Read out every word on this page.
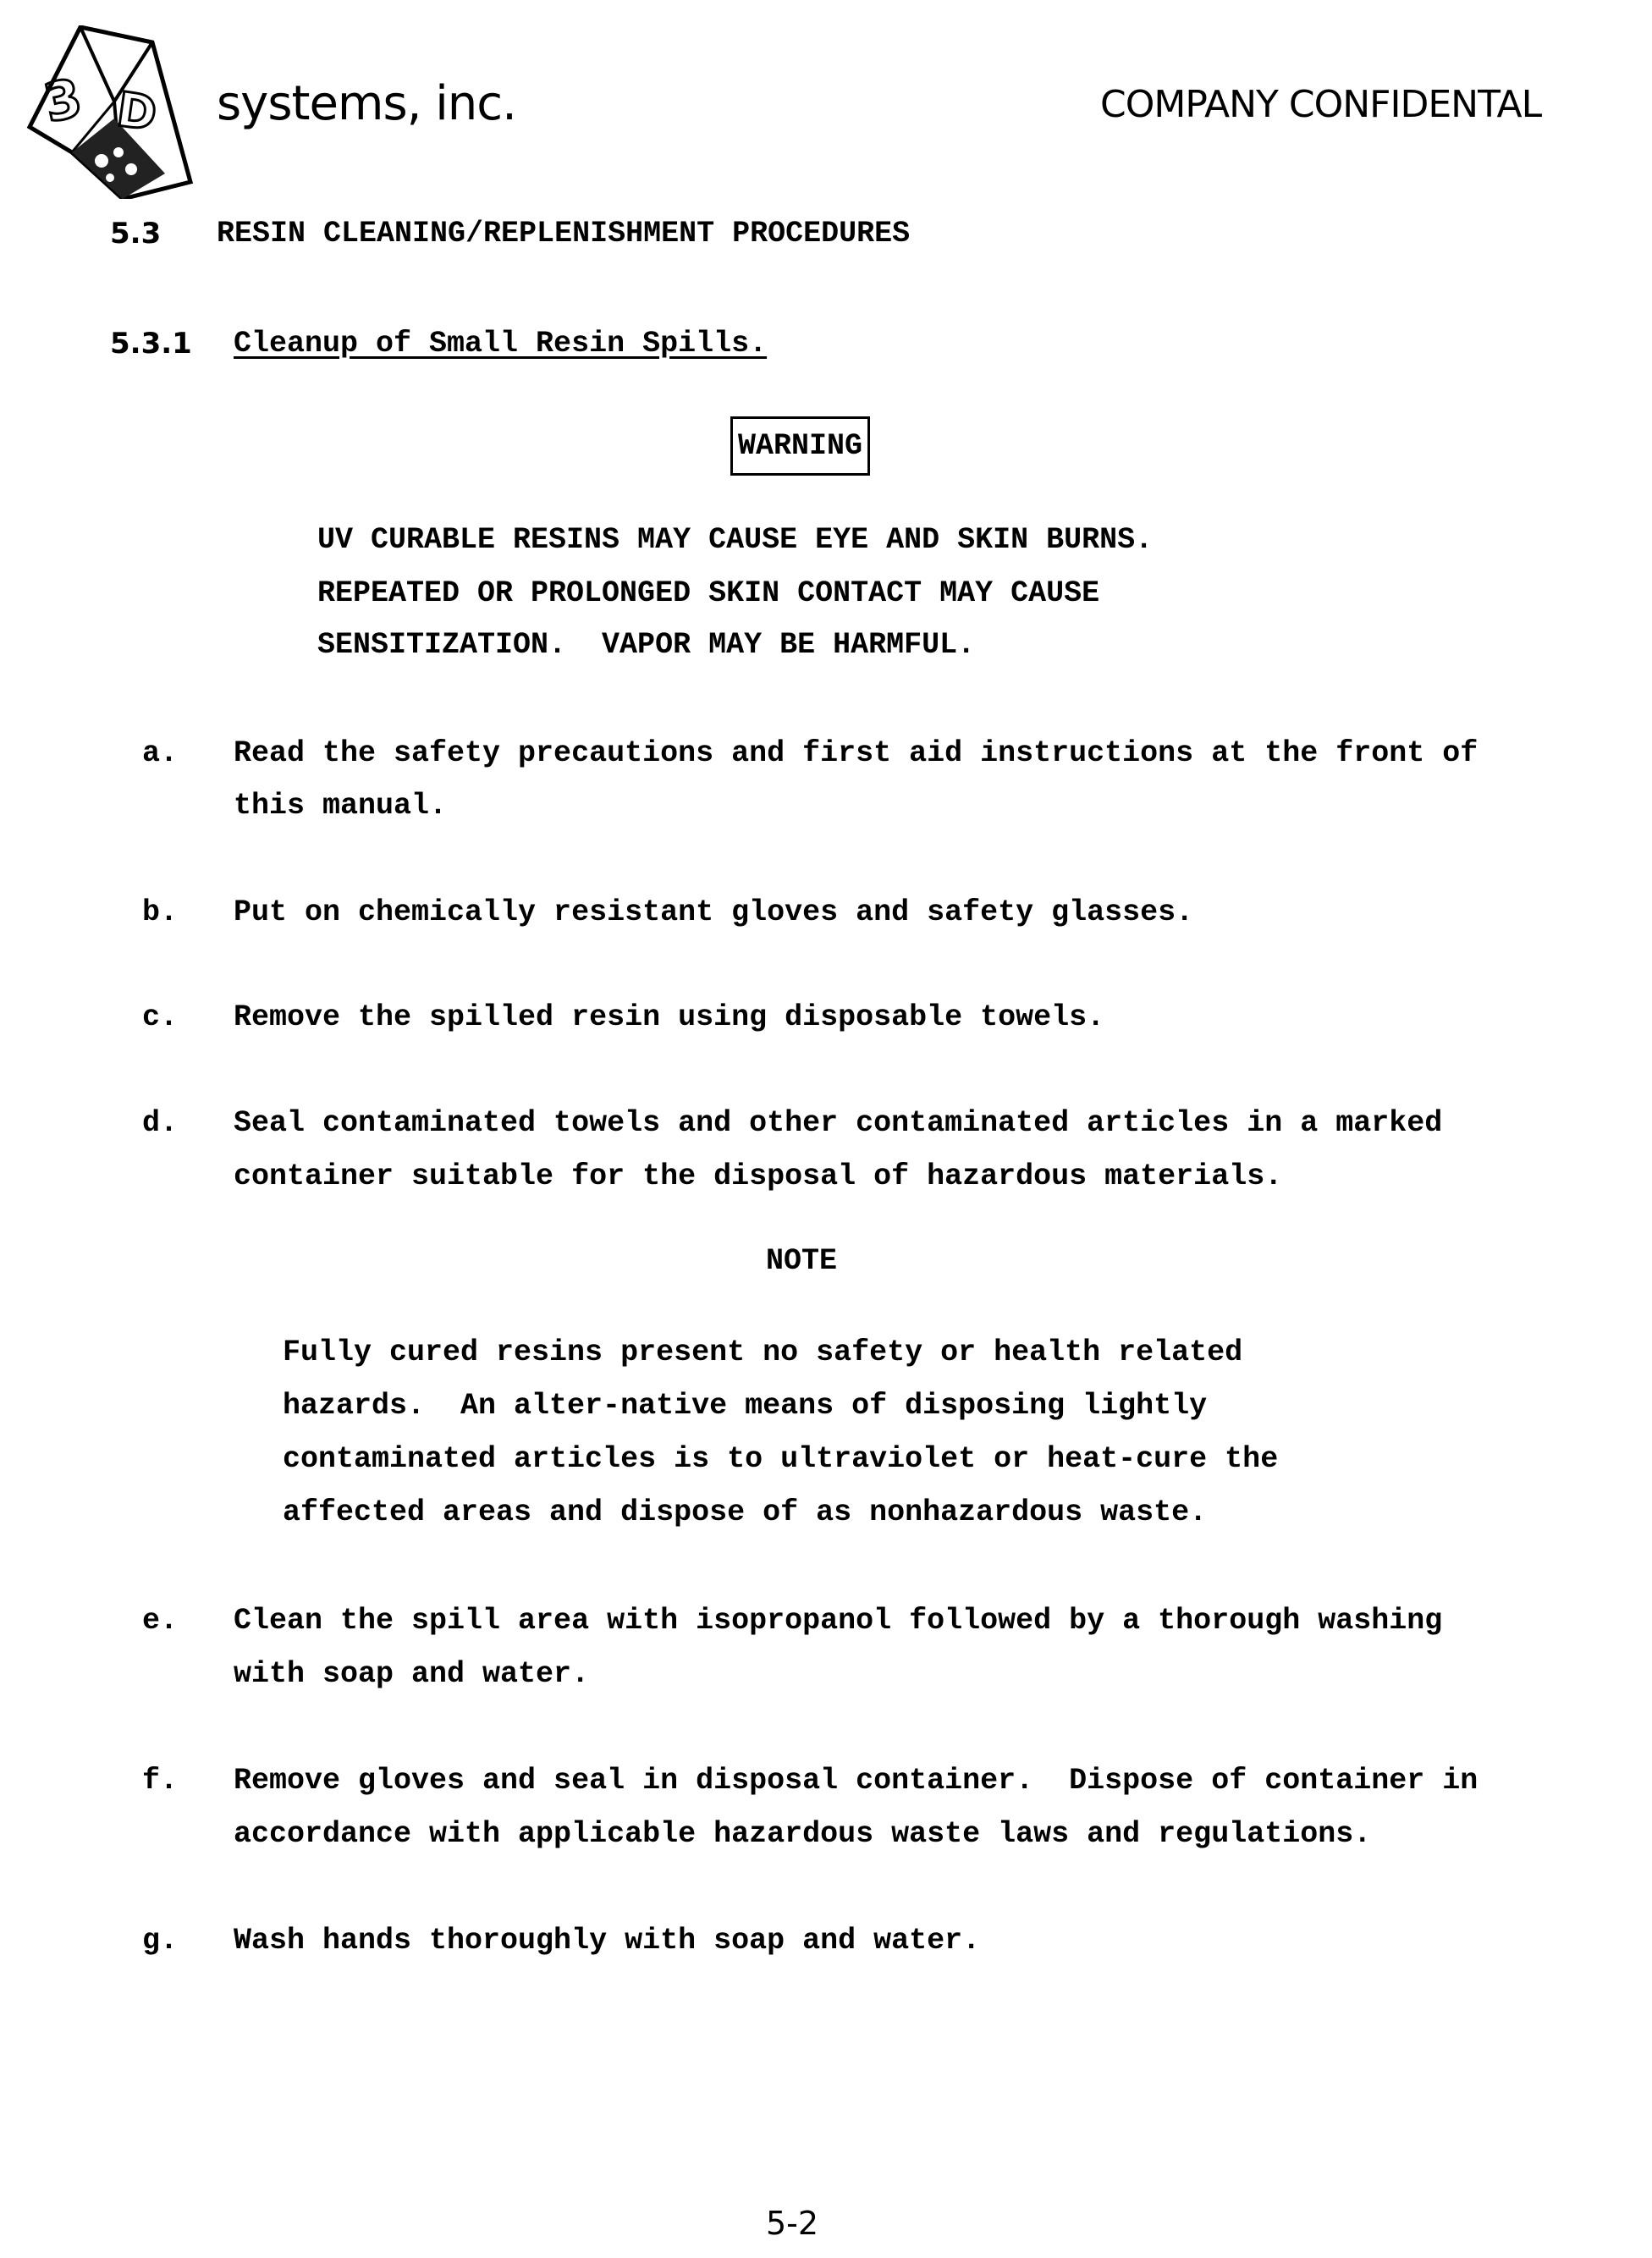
3 D systems, inc.	COMPANY CONFIDENTAL
5.3 RESIN CLEANING/REPLENISHMENT PROCEDURES
5.3.1 Cleanup of Small Resin Spills.
WARNING
UV CURABLE RESINS MAY CAUSE EYE AND SKIN BURNS.
REPEATED OR PROLONGED SKIN CONTACT MAY CAUSE
SENSITIZATION.  VAPOR MAY BE HARMFUL.
a. Read the safety precautions and first aid instructions at the front of
this manual.
b. Put on chemically resistant gloves and safety glasses.
c. Remove the spilled resin using disposable towels.
d. Seal contaminated towels and other contaminated articles in a marked
container suitable for the disposal of hazardous materials.
NOTE
Fully cured resins present no safety or health related
hazards.  An alter-native means of disposing lightly
contaminated articles is to ultraviolet or heat-cure the
affected areas and dispose of as nonhazardous waste.
e. Clean the spill area with isopropanol followed by a thorough washing
with soap and water.
f. Remove gloves and seal in disposal container.  Dispose of container in
accordance with applicable hazardous waste laws and regulations.
g. Wash hands thoroughly with soap and water.
5-2
